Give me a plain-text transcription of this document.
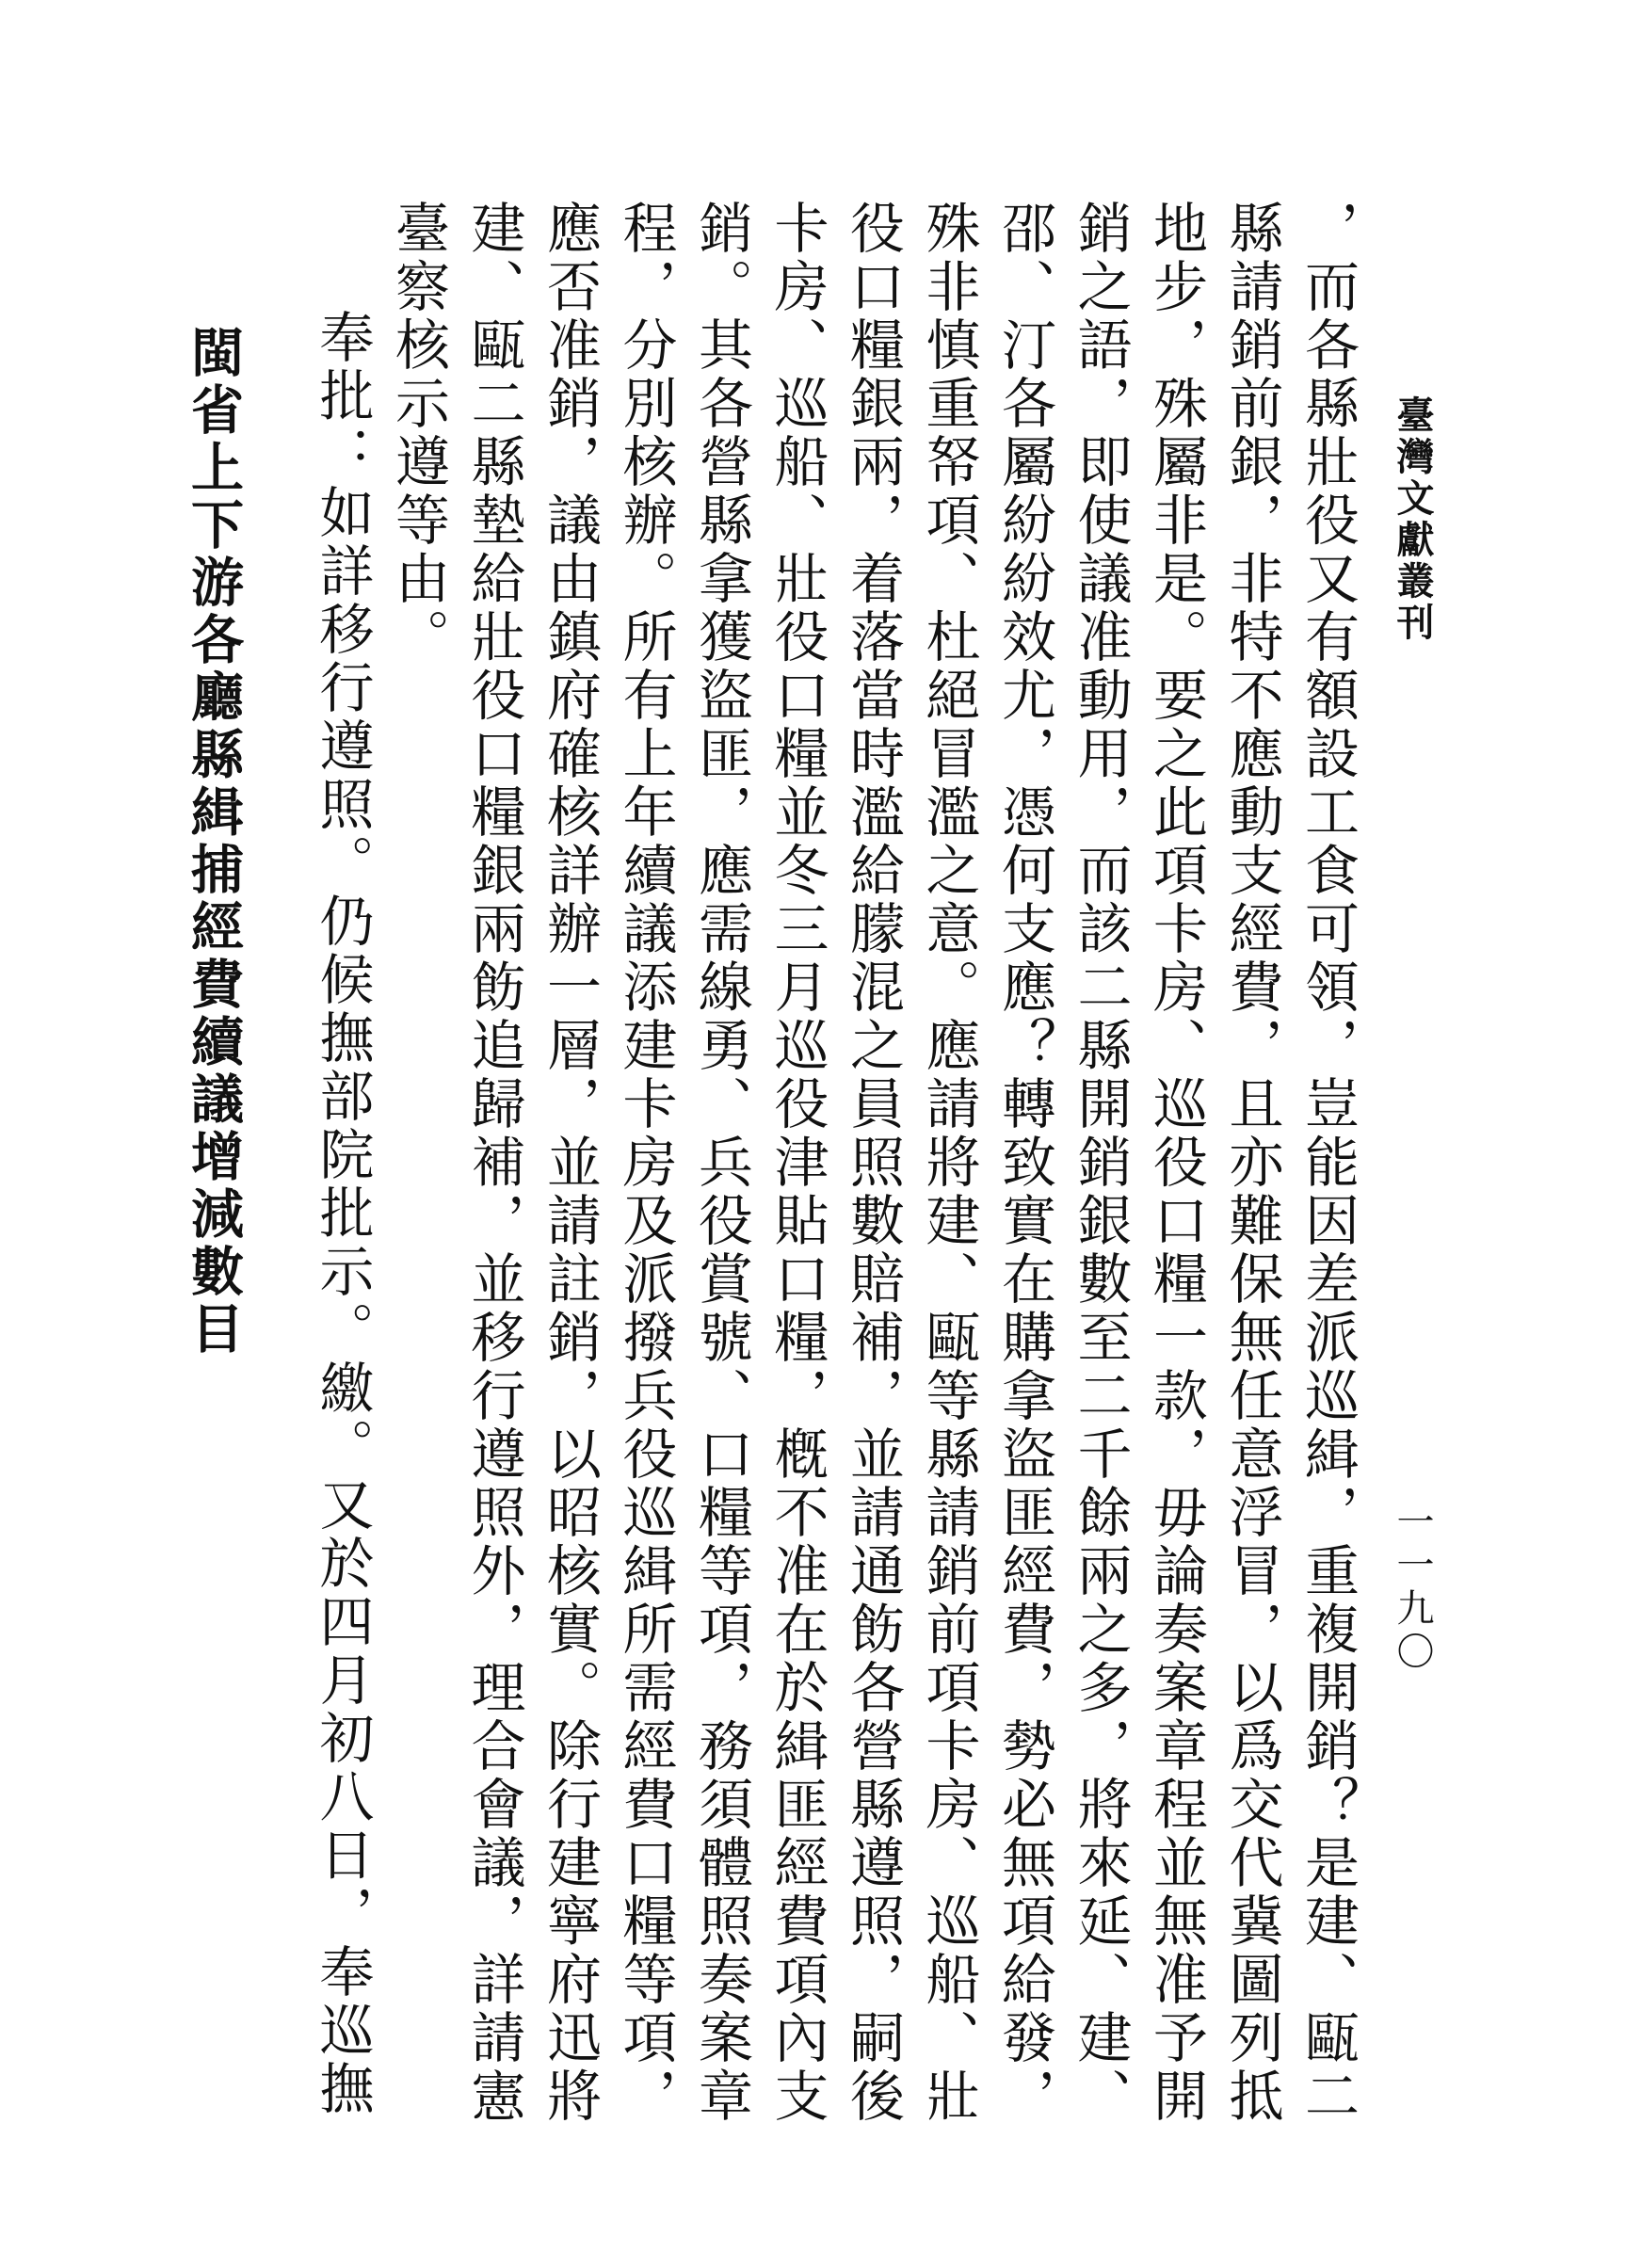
臺灣文獻叢刊
一一九〇

，而各縣壯役又有額設工食可領，豈能因差派巡緝，重複開銷？是建、甌二縣請銷前銀，非特不應動支經費，且亦難保無任意浮冒，以爲交代冀圖列抵地步，殊屬非是。要之此項卡房、巡役口糧一款，毋論奏案章程並無准予開銷之語，即使議准動用，而該二縣開銷銀數至二千餘兩之多，將來延、建、邵、汀各屬紛紛效尤，憑何支應？轉致實在購拿盜匪經費，勢必無項給發，殊非慎重帑項、杜絕冒濫之意。應請將建、甌等縣請銷前項卡房、巡船、壯役口糧銀兩，着落當時濫給朦混之員照數賠補，並請通飭各營縣遵照，嗣後卡房、巡船、壯役口糧並冬三月巡役津貼口糧，槪不准在於緝匪經費項內支銷。其各營縣拿獲盜匪，應需線勇、兵役賞號、口糧等項，務須體照奏案章程，分別核辦。所有上年續議添建卡房及派撥兵役巡緝所需經費口糧等項，應否准銷，議由鎮府確核詳辦一層，並請註銷，以昭核實。除行建寧府迅將建、甌二縣墊給壯役口糧銀兩飭追歸補，並移行遵照外，理合會議，詳請憲臺察核示遵等由。

奉批：如詳移行遵照。仍候撫部院批示。繳。又於四月初八日，奉巡撫

閩省上下游各廳縣緝捕經費續議增減數目
